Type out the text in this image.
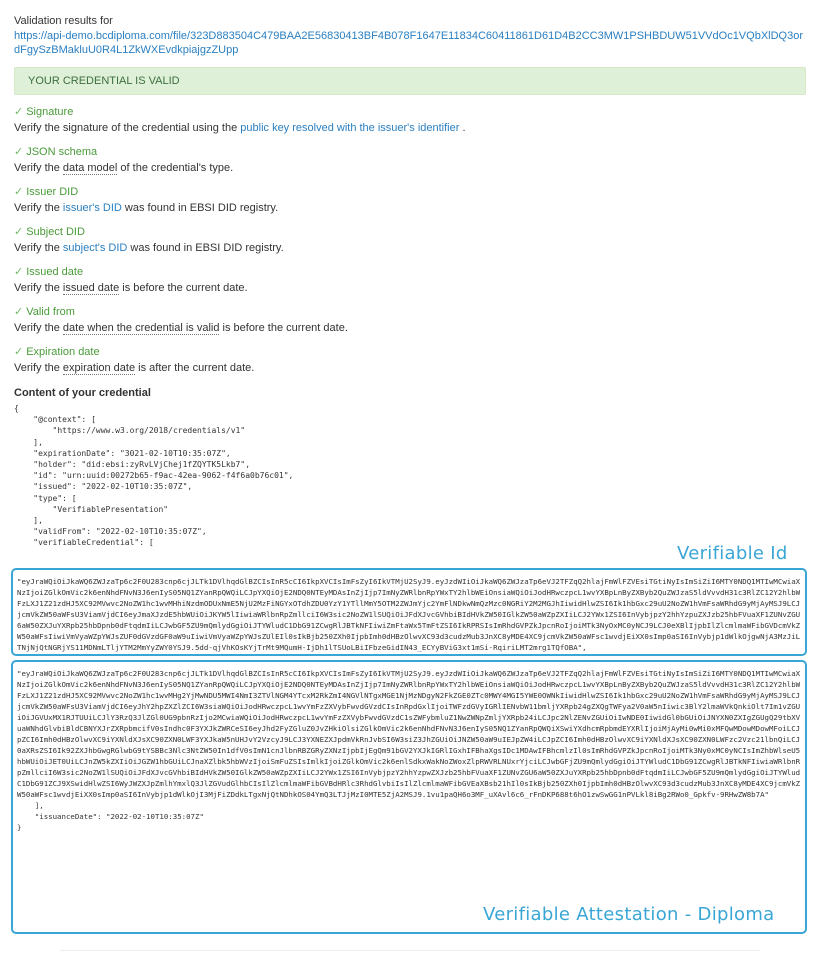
Validation results for
https://api-demo.bcdiploma.com/file/323D883504C479BAA2E56830413BF4B078F1647E11834C60411861D61D4B2CC3MW1PSHBDUW51VVdOc1VQbXlDQ3ordFgySzBMakluU0R4L1ZkWXEvdkpiajgzZUpp
YOUR CREDENTIAL IS VALID
✓ Signature
Verify the signature of the credential using the public key resolved with the issuer's identifier .
✓ JSON schema
Verify the data model of the credential's type.
✓ Issuer DID
Verify the issuer's DID was found in EBSI DID registry.
✓ Subject DID
Verify the subject's DID was found in EBSI DID registry.
✓ Issued date
Verify the issued date is before the current date.
✓ Valid from
Verify the date when the credential is valid is before the current date.
✓ Expiration date
Verify the expiration date is after the current date.
Content of your credential
{
"@context": [
"https://www.w3.org/2018/credentials/v1"
],
"expirationDate": "3021-02-10T10:35:07Z",
"holder": "did:ebsi:zyRvLVjChej1fZQYTK5Lkb7",
"id": "urn:uuid:00272b65-f9ac-42ea-9062-f4f6a0b76c01",
"issued": "2022-02-10T10:35:07Z",
"type": [
"VerifiablePresentation"
],
"validFrom": "2022-02-10T10:35:07Z",
"verifiableCredential": [
Verifiable Id
"eyJraWQiOiJkaWQ6ZWJzaTp6c2F0U283cnp6cjJLTk1DVlhqdGlBZCIsInR5cCI6IkpXVCIsImFsZyI6IkVTMjU2SyJ9.eyJzdWIiOiJkaWQ6ZWJzaTp6eVJ2TFZqQ2hlajFmWlFZVEsiTGtiNyIsImSiZiI6MTY0NDQ1MTIwMCwiaXNzIjoiZGlkOmVic2k6enNhdFNvN3J6enIyS05NQ1ZYanRpQWQiLCJpYXQiOjE2NDQ0NTEyMDAsInZjIjp7ImNyZWRlbnRpYWxTY2hlbWEiOnsiaWQiOiJodHRwczpcL1wvYXBpLnByZXByb2QuZWJzaS5ldVvvdH31c3RlZC12Y2hlbWFzLXJ1Z21zdHJ5XC92MVwvc2NoZW1hc1wvMHhiNzdmODUxNmE5NjU2MzFiNGYxOTdhZDU0YzY1YTllMmY5OTM2ZWJmYjc2YmFlNDkwNmQzMzc0NGRiY2M2MGJhIiwidHlwZSI6Ik1hbGxc29uU2NoZW1hVmFsaWRhdG9yMjAyMSJ9LCJjcmVkZW50aWFsU3ViamVjdCI6eyJmaXJzdE5hbWUiOiJKYW5lIiwiaWRlbnRpZmllciI6W3sic2NoZW1lSUQiOiJFdXJvcGVhbiBIdHVkZW50IGlkZW50aWZpZXIiLCJ2YWx1ZSI6InVybjpzY2hhYzpuZXJzb25hbFVuaXF1ZUNvZGU6aW50ZXJuYXRpb25hbDpnb0dFtqdmIiLCJwbGF5ZU9mQmlydGgiOiJTYWludC1DbG91ZCwgRlJBTkNFIiwiZmFtaWx5TmFtZSI6IkRPRSIsImRhdGVPZkJpcnRoIjoiMTk3NyOxMC0yNCJ9LCJ0eXBlIjpbIlZlcmlmaWFibGVDcmVkZW50aWFsIiwiVmVyaWZpYWJsZUF0dGVzdGF0aW9uIiwiVmVyaWZpYWJsZUlEIl0sIkBjb250ZXh0IjpbImh0dHBzOlwvXC93d3cudzMub3JnXC8yMDE4XC9jcmVkZW50aWFsc1wvdjEiXX0sImp0aSI6InVybjp1dWlkOjgwNjA3MzJiLTNjNjQtNGRjYS11MDNmLTljYTM2MmYyZWY0YSJ9.5dd-qjVhKOsKYjTrMt9MQumH-IjDh1lTSUoLBiIFbzeGidIN43_ECYyBViG3xt1mSi-RqiriLMT2mrg1TQfOBA",
"eyJraWQiOiJkaWQ6ZWJzaTp6c2F0U283cnp6cjJLTk1DVlhqdGlBZCIsInR5cCI6IkpXVCIsImFsZyI6IkVTMjU2SyJ9.eyJzdWIiOiJkaWQ6ZWJzaTp6eVJ2TFZqQ2hlajFmWlFZVEsiTGtiNyIsImSiZiI6MTY0NDQ1MTIwMCwiaXNzIjoiZGlkOmVic2k6enNhdFNvN3J6enIyS05NQ1ZYanRpQWQiLCJpYXQiOjE2NDQ0NTEyMDAsInZjIjp7ImNyZWRlbnRpYWxTY2hlbWEiOnsiaWQiOiJodHRwczpcL1wvYXBpLnByZXByb2QuZWJzaS5ldVvvdH31c3RlZC12Y2hlbWFzLXJ1Z21zdHJ5XC92MVwvc2NoZW1hc1wvMHg2YjMwNDU5MWI4NmI3ZTVlNGM4YTcxM2RkZmI4NGVlNTgxMGE1NjMzNDgyN2FkZGE0ZTc0MWY4MGI5YWE0OWNkIiwidHlwZSI6Ik1hbGxc29uU2NoZW1hVmFsaWRhdG9yMjAyMSJ9LCJjcmVkZW50aWFsU3ViamVjdCI6eyJhY2hpZXZlZCI6W3siaWQiOiJodHRwczpcL1wvYmFzZXVybFwvdGVzdCIsInRpdGxlIjoiTWFzdGVyIGRlIENvbW11bmljYXRpb24gZXQgTWFya2V0aW5nIiwic3BlY2lmaWVkQnkiOlt7Im1vZGUiOiJGVUxMX1RJTUUiLCJlY3RzQ3JlZGl0UG9pbnRzIjo2MCwiaWQiOiJodHRwczpcL1wvYmFzZXVybFwvdGVzdC1sZWFybmluZ1NwZWNpZmljYXRpb24iLCJpc2NlZENvZGUiOiIwNDE0IiwidGl0bGUiOiJNYXN0ZXIgZGUgQ29tbXVuaWNhdGlvbiBldCBNYXJrZXRpbmcifV0sIndhc0F3YXJkZWRCeSI6eyJhd2FyZGluZ0JvZHkiOlsiZGlkOmVic2k6enNhdFNvN3J6enIyS05NQ1ZYanRpQWQiXSwiYXdhcmRpbmdEYXRlIjoiMjAyMi0wMi0xMFQwMDowMDowMFoiLCJpZCI6Imh0dHBzOlwvXC9iYXNldXJsXC90ZXN0LWF3YXJkaW5nUHJvY2VzcyJ9LCJ3YXNEZXJpdmVkRnJvbSI6W3siZ3JhZGUiOiJNZW50aW9uIEJpZW4iLCJpZCI6Imh0dHBzOlwvXC9iYXNldXJsXC90ZXN0LWFzc2Vzc21lbnQiLCJ0aXRsZSI6Ik92ZXJhbGwgRGlwbG9tYSBBc3Nlc3NtZW50In1dfV0sImN1cnJlbnRBZGRyZXNzIjpbIjEgQm91bGV2YXJkIGRlIGxhIFBhaXgsIDc1MDAwIFBhcmlzIl0sImRhdGVPZkJpcnRoIjoiMTk3Ny0xMC0yNCIsImZhbWlseU5hbWUiOiJET0UiLCJnZW5kZXIiOiJGZW1hbGUiLCJnaXZlbk5hbWVzIjoiSmFuZSIsImlkIjoiZGlkOmVic2k6enlSdkxWakNoZWoxZlpRWVRLNUxrYjciLCJwbGFjZU9mQmlydGgiOiJTYWludC1DbG91ZCwgRlJBTkNFIiwiaWRlbnRpZmllciI6W3sic2NoZW1lSUQiOiJFdXJvcGVhbiBIdHVkZW50IGlkZW50aWZpZXIiLCJ2YWx1ZSI6InVybjpzY2hhYzpwZXJzb25hbFVuaXF1ZUNvZGU6aW50ZXJuYXRpb25hbDpnb0dFtqdmIiLCJwbGF5ZU9mQmlydGgiOiJTYWludC1DbG91ZCJ9XSwidHlwZSI6WyJWZXJpZmlhYmxlQ3JlZGVudGlhbCIsIlZlcmlmaWFibGVBdHRlc3RhdGlvbiIsIlZlcmlmaWFibGVEaXBsb21hIl0sIkBjb250ZXh0IjpbImh0dHBzOlwvXC93d3cudzMub3JnXC8yMDE4XC9jcmVkZW50aWFsc1wvdjEiXX0sImp0aSI6InVybjp1dWlkOjI3MjFiZDdkLTgxNjQtNDhkOS04YmQ3LTJjMzI0MTE5ZjA2MSJ9.1vu1paQH6o3MF_uXAvl6c6_rFnDKP688t6hO1zwSwGG1nPVLkl8iBg2RWo0_Gpkfv-9RHwZW8b7A"
],
"issuanceDate": "2022-02-10T10:35:07Z"
}
Verifiable Attestation - Diploma
